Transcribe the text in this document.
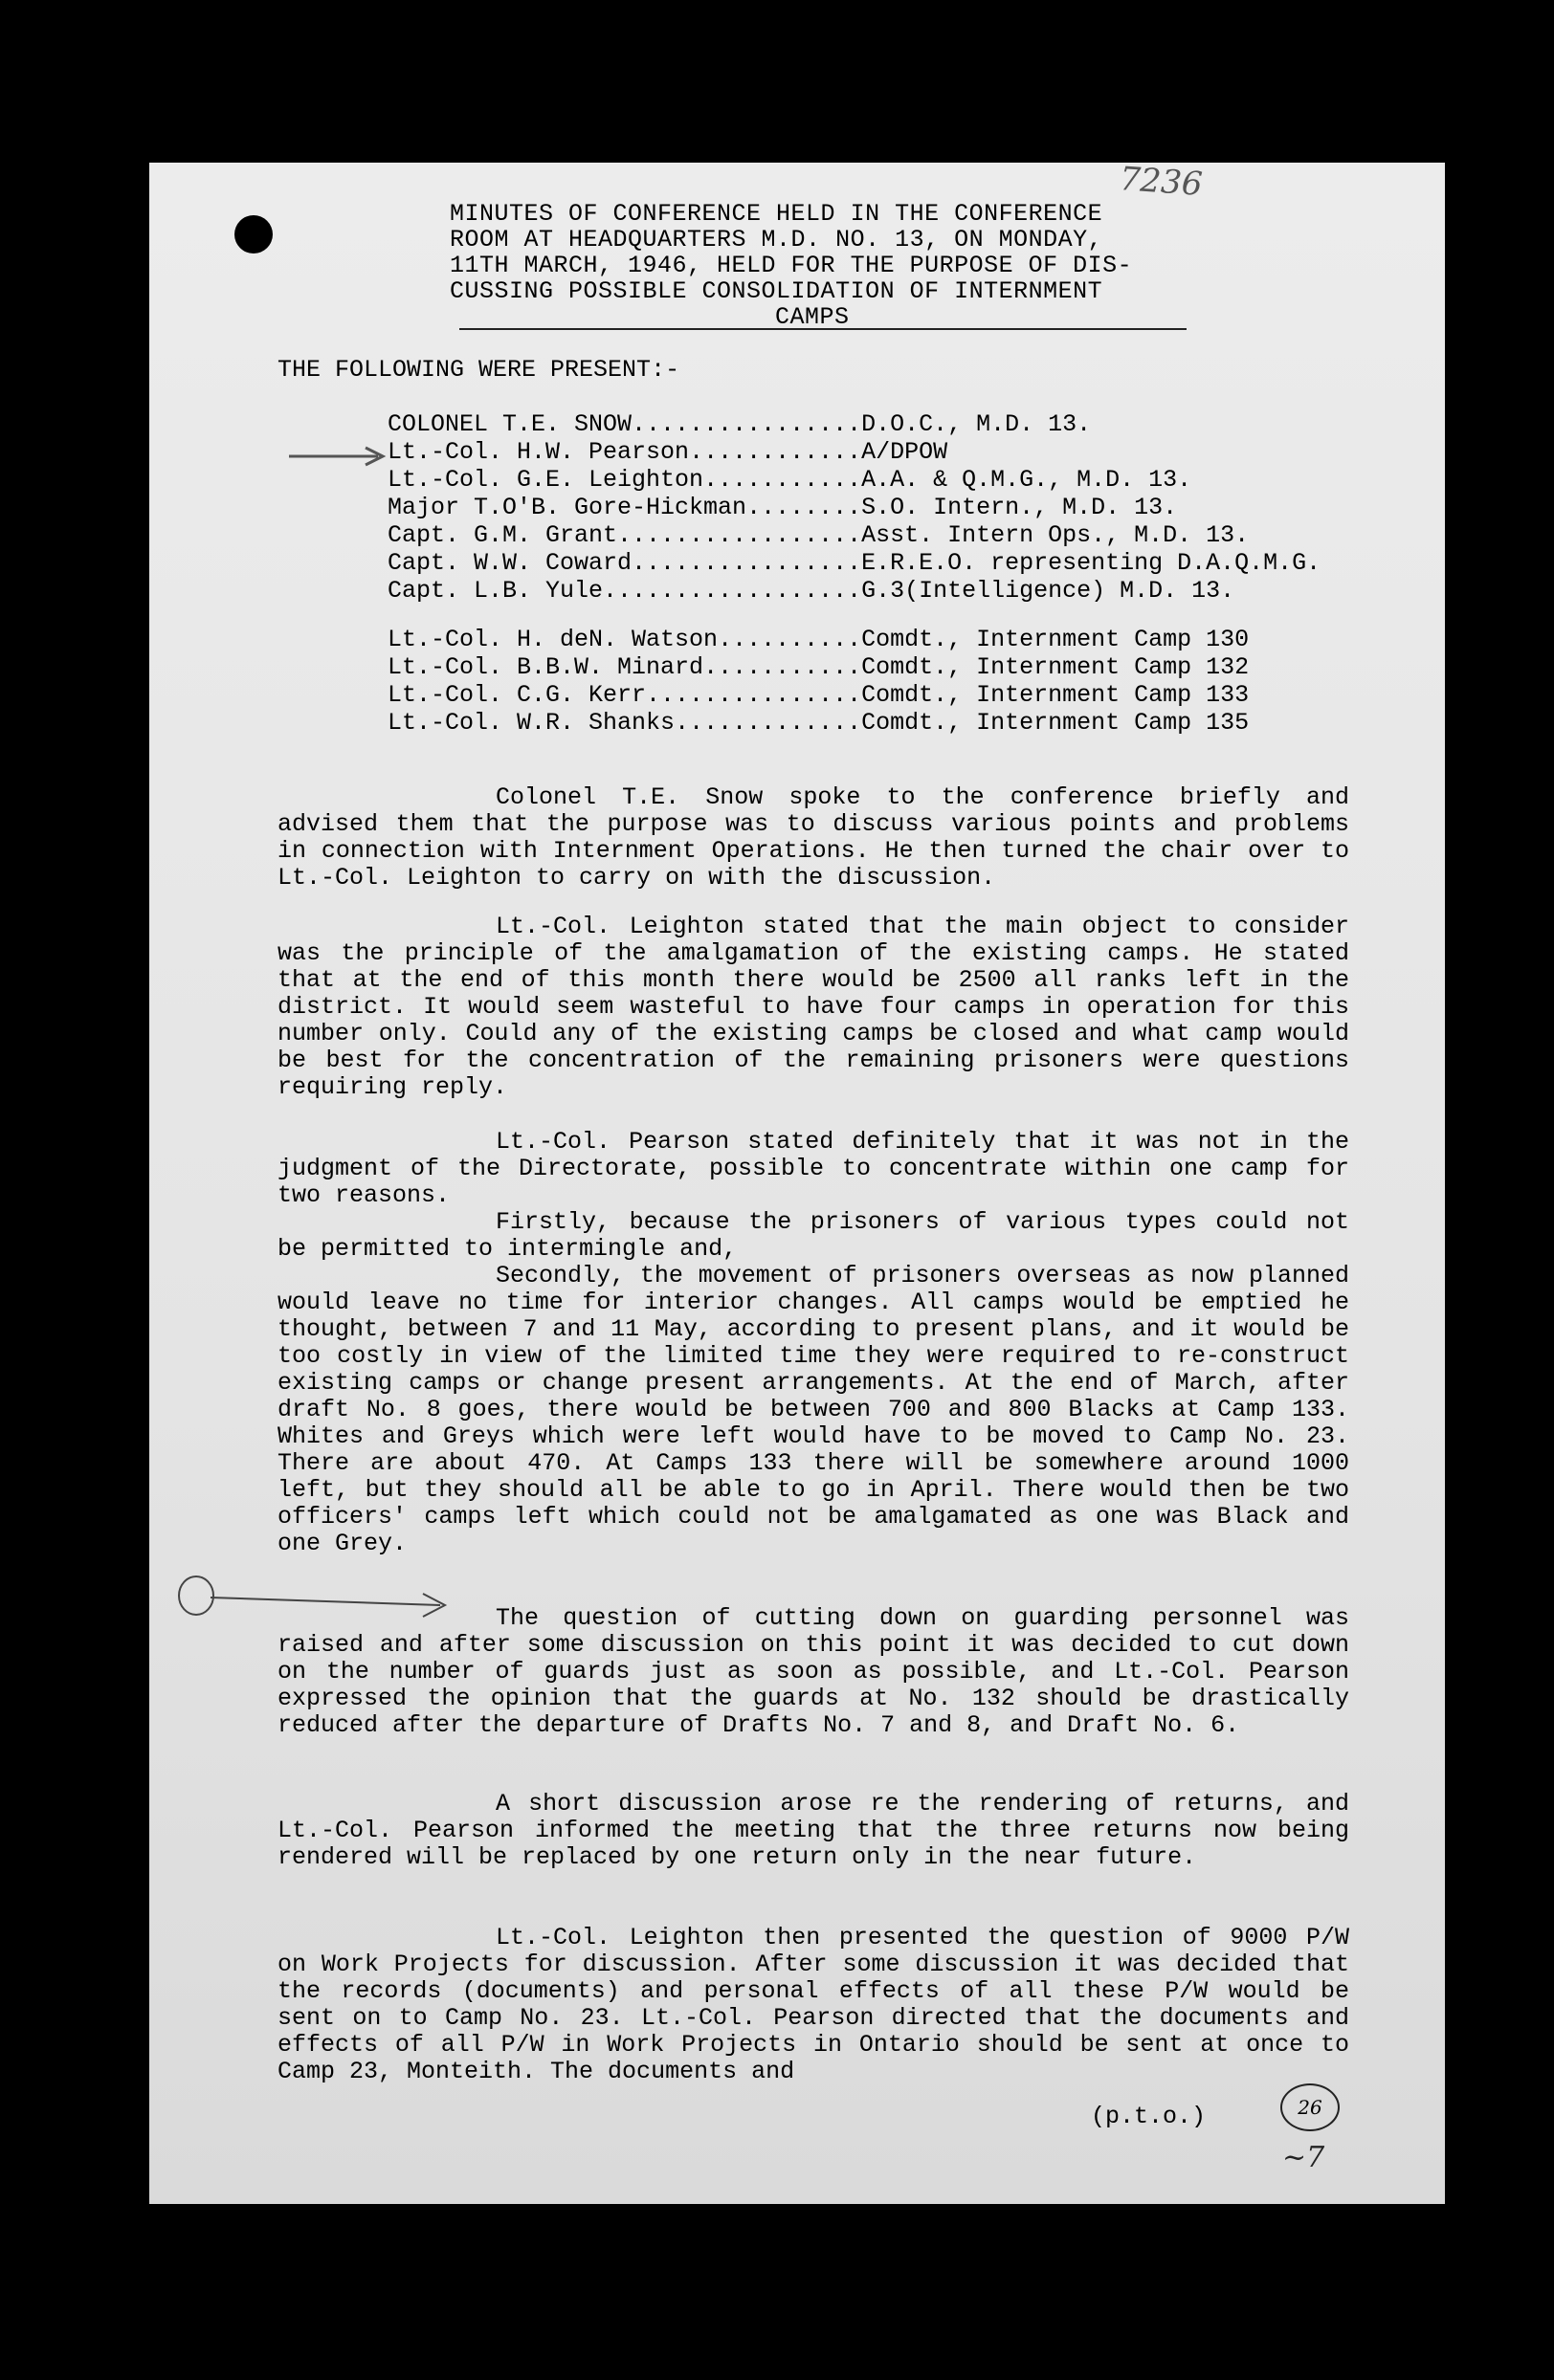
7236
MINUTES OF CONFERENCE HELD IN THE CONFERENCE
ROOM AT HEADQUARTERS M.D. NO. 13, ON MONDAY,
11TH MARCH, 1946, HELD FOR THE PURPOSE OF DIS-
CUSSING POSSIBLE CONSOLIDATION OF INTERNMENT
CAMPS
THE FOLLOWING WERE PRESENT:-
COLONEL T.E. SNOW................D.O.C., M.D. 13.
Lt.-Col. H.W. Pearson............A/DPOW
Lt.-Col. G.E. Leighton...........A.A. & Q.M.G., M.D. 13.
Major T.O'B. Gore-Hickman........S.O. Intern., M.D. 13.
Capt. G.M. Grant.................Asst. Intern Ops., M.D. 13.
Capt. W.W. Coward................E.R.E.O. representing D.A.Q.M.G.
Capt. L.B. Yule..................G.3(Intelligence) M.D. 13.
Lt.-Col. H. deN. Watson..........Comdt., Internment Camp 130
Lt.-Col. B.B.W. Minard...........Comdt., Internment Camp 132
Lt.-Col. C.G. Kerr...............Comdt., Internment Camp 133
Lt.-Col. W.R. Shanks.............Comdt., Internment Camp 135

Colonel T.E. Snow spoke to the conference briefly and advised them that the purpose was to discuss various points and problems in connection with Internment Operations. He then turned the chair over to Lt.-Col. Leighton to carry on with the discussion.

Lt.-Col. Leighton stated that the main object to consider was the principle of the amalgamation of the existing camps. He stated that at the end of this month there would be 2500 all ranks left in the district. It would seem wasteful to have four camps in operation for this number only. Could any of the existing camps be closed and what camp would be best for the concentration of the remaining prisoners were questions requiring reply.

Lt.-Col. Pearson stated definitely that it was not in the judgment of the Directorate, possible to concentrate within one camp for two reasons.

Firstly, because the prisoners of various types could not be permitted to intermingle and,

Secondly, the movement of prisoners overseas as now planned would leave no time for interior changes. All camps would be emptied he thought, between 7 and 11 May, according to present plans, and it would be too costly in view of the limited time they were required to re-construct existing camps or change present arrangements. At the end of March, after draft No. 8 goes, there would be between 700 and 800 Blacks at Camp 133. Whites and Greys which were left would have to be moved to Camp No. 23. There are about 470. At Camps 133 there will be somewhere around 1000 left, but they should all be able to go in April. There would then be two officers' camps left which could not be amalgamated as one was Black and one Grey.

The question of cutting down on guarding personnel was raised and after some discussion on this point it was decided to cut down on the number of guards just as soon as possible, and Lt.-Col. Pearson expressed the opinion that the guards at No. 132 should be drastically reduced after the departure of Drafts No. 7 and 8, and Draft No. 6.

A short discussion arose re the rendering of returns, and Lt.-Col. Pearson informed the meeting that the three returns now being rendered will be replaced by one return only in the near future.

Lt.-Col. Leighton then presented the question of 9000 P/W on Work Projects for discussion. After some discussion it was decided that the records (documents) and personal effects of all these P/W would be sent on to Camp No. 23. Lt.-Col. Pearson directed that the documents and effects of all P/W in Work Projects in Ontario should be sent at once to Camp 23, Monteith. The documents and

(p.t.o.)	26
~7
